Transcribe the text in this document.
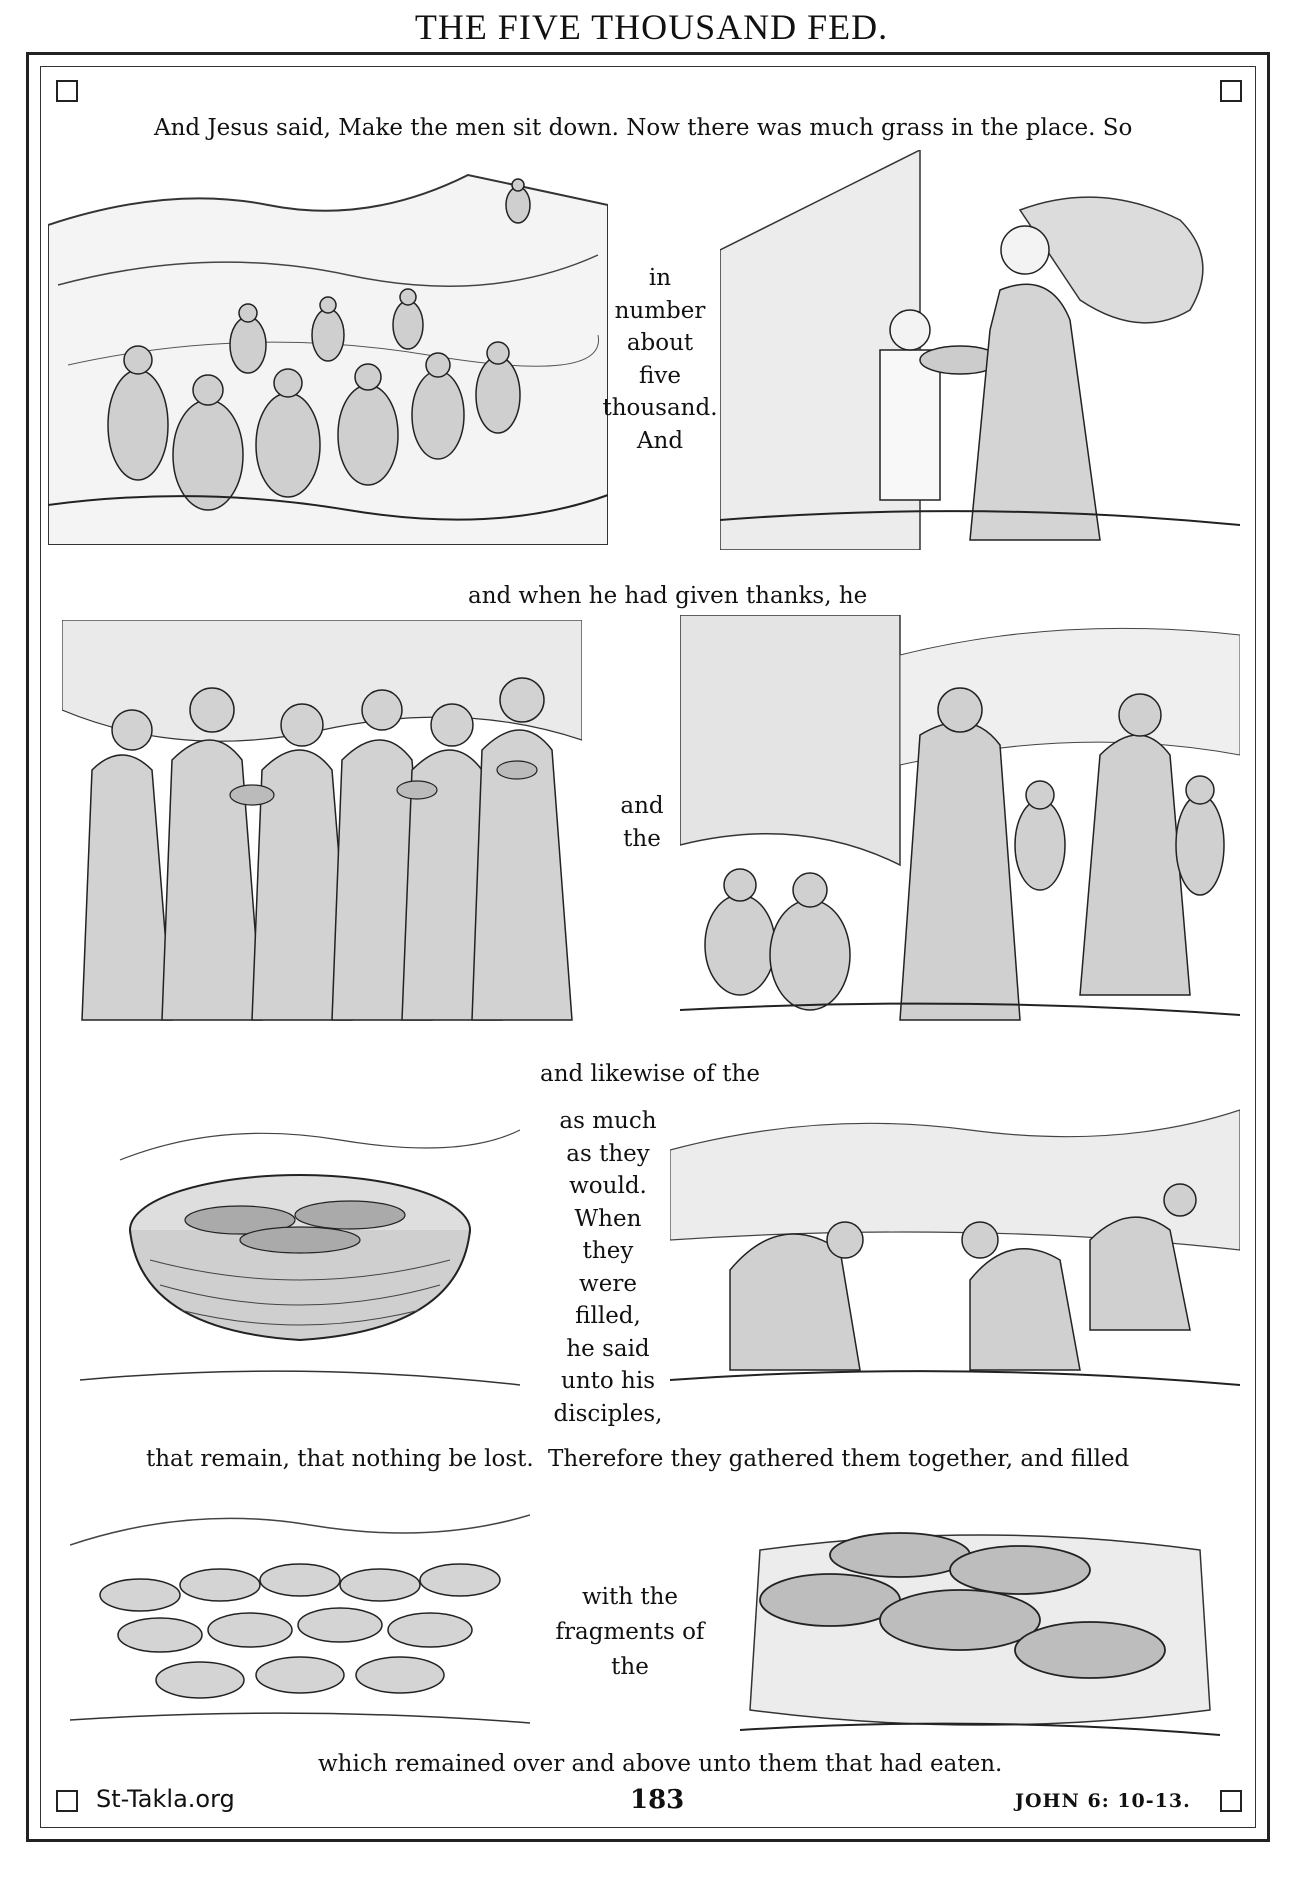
THE FIVE THOUSAND FED.
And Jesus said, Make the men sit down. Now there was much grass in the place. So
in
number
about
five
thousand.
And
and when he had given thanks, he
and
the
and likewise of the
as much
as they
would.
When
they
were
filled,
he said
unto his
disciples,
that remain, that nothing be lost. Therefore they gathered them together, and filled
with the
fragments of the
which remained over and above unto them that had eaten.
St-Takla.org	183	JOHN 6: 10-13.
